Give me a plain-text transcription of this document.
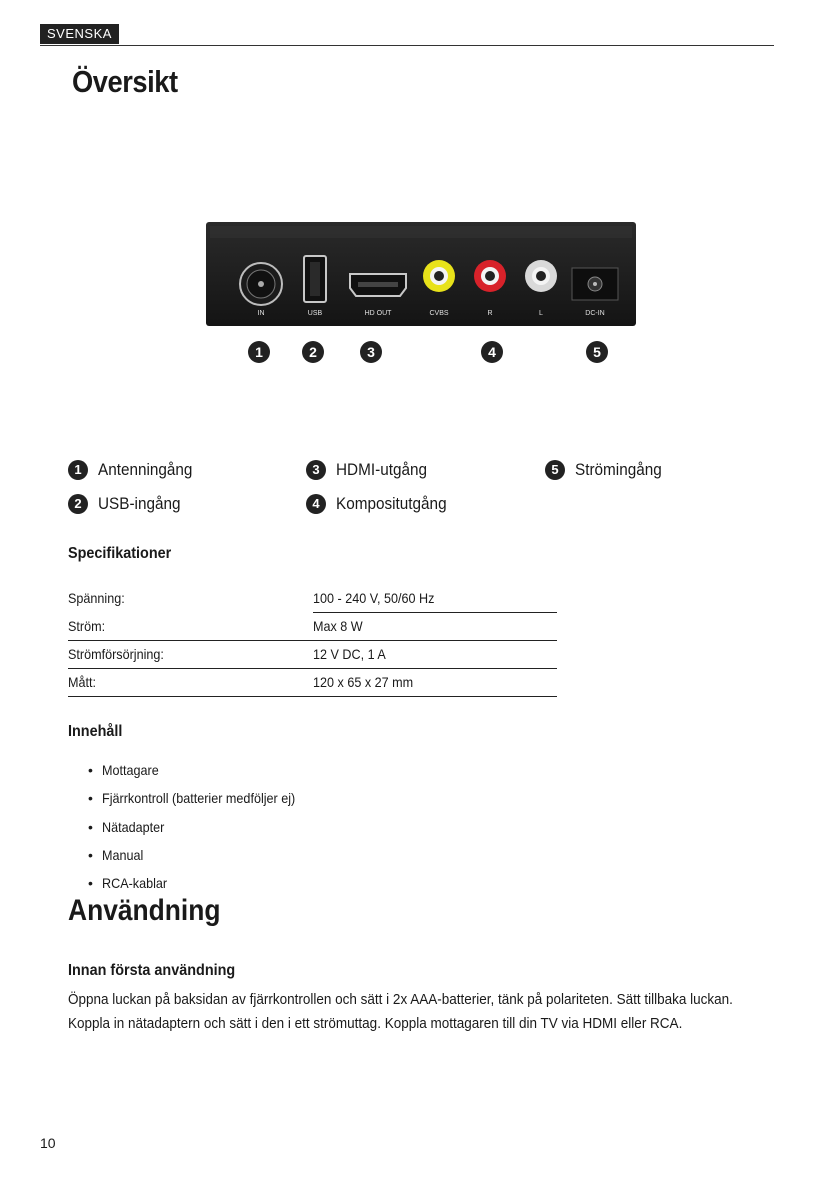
SVENSKA
Översikt
IN	USB	HD OUT	CVBS	R	L	DC-IN
1	2	3	4	5
1 Antenningång
2 USB-ingång
3 HDMI-utgång
4 Kompositutgång
5 Strömingång
Specifikationer
Spänning:	100 - 240 V, 50/60 Hz
Ström:	Max 8 W
Strömförsörjning:	12 V DC, 1 A
Mått:	120 x 65 x 27 mm
Innehåll
• Mottagare
• Fjärrkontroll (batterier medföljer ej)
• Nätadapter
• Manual
• RCA-kablar
Användning
Innan första användning

Öppna luckan på baksidan av fjärrkontrollen och sätt i 2x AAA-batterier, tänk på polariteten. Sätt tillbaka luckan. Koppla in nätadaptern och sätt i den i ett strömuttag. Koppla mottagaren till din TV via HDMI eller RCA.

10
